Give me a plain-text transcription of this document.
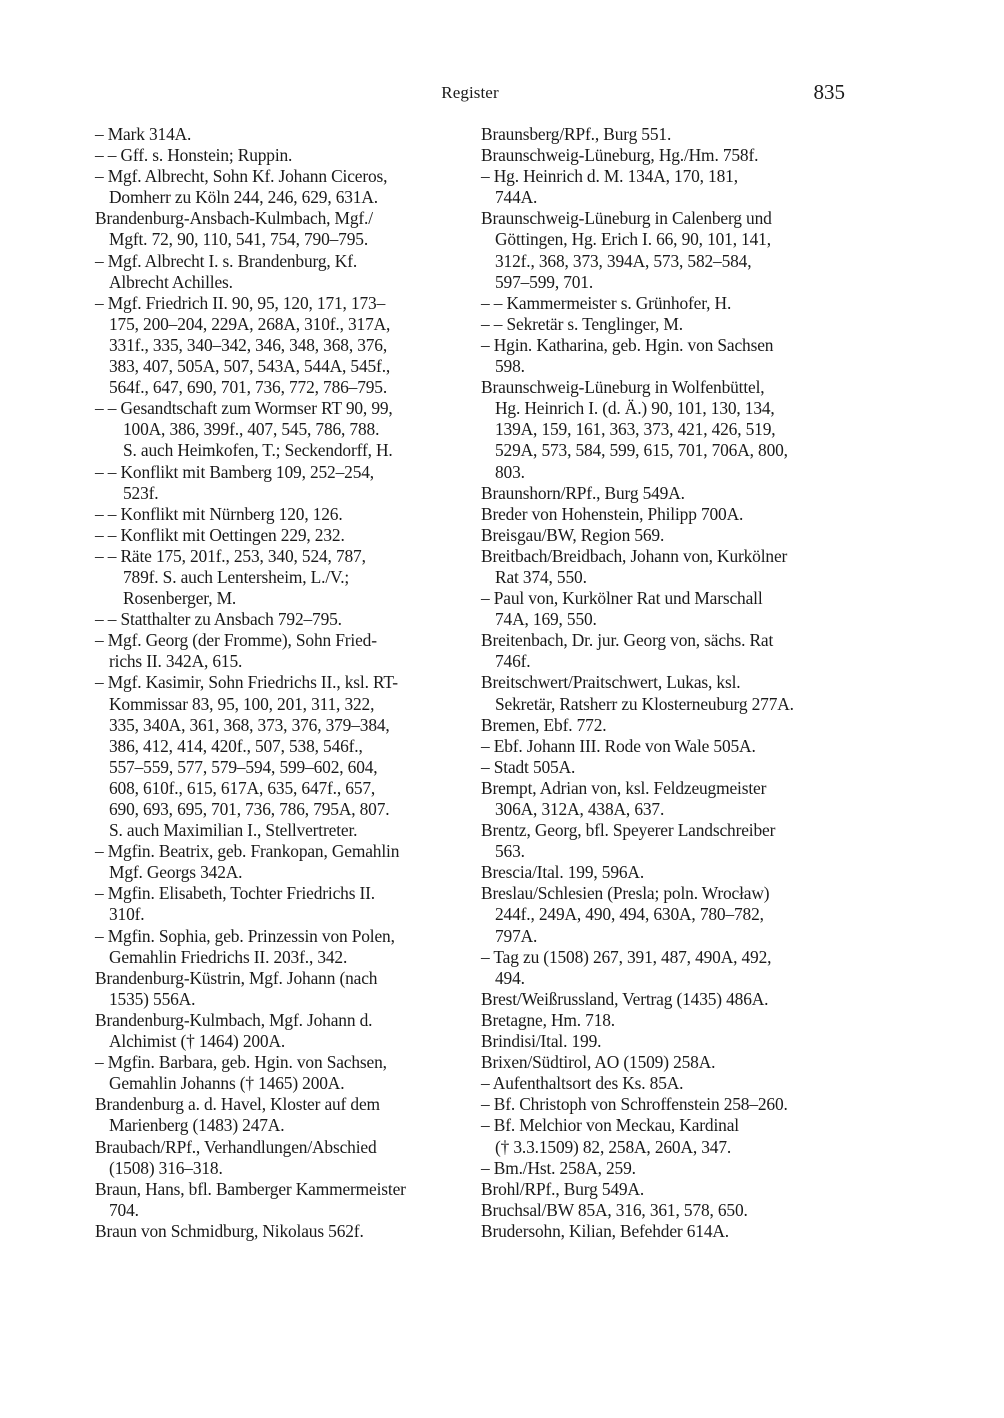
Register	835
– Mark 314A.
– – Gff. s. Honstein; Ruppin.
– Mgf. Albrecht, Sohn Kf. Johann Ciceros,
Domherr zu Köln 244, 246, 629, 631A.
Brandenburg-Ansbach-Kulmbach, Mgf./
Mgft. 72, 90, 110, 541, 754, 790–795.
– Mgf. Albrecht I. s. Brandenburg, Kf.
Albrecht Achilles.
– Mgf. Friedrich II. 90, 95, 120, 171, 173–
175, 200–204, 229A, 268A, 310f., 317A,
331f., 335, 340–342, 346, 348, 368, 376,
383, 407, 505A, 507, 543A, 544A, 545f.,
564f., 647, 690, 701, 736, 772, 786–795.
– – Gesandtschaft zum Wormser RT 90, 99,
100A, 386, 399f., 407, 545, 786, 788.
S. auch Heimkofen, T.; Seckendorff, H.
– – Konflikt mit Bamberg 109, 252–254,
523f.
– – Konflikt mit Nürnberg 120, 126.
– – Konflikt mit Oettingen 229, 232.
– – Räte 175, 201f., 253, 340, 524, 787,
789f. S. auch Lentersheim, L./V.;
Rosenberger, M.
– – Statthalter zu Ansbach 792–795.
– Mgf. Georg (der Fromme), Sohn Fried-
richs II. 342A, 615.
– Mgf. Kasimir, Sohn Friedrichs II., ksl. RT-
Kommissar 83, 95, 100, 201, 311, 322,
335, 340A, 361, 368, 373, 376, 379–384,
386, 412, 414, 420f., 507, 538, 546f.,
557–559, 577, 579–594, 599–602, 604,
608, 610f., 615, 617A, 635, 647f., 657,
690, 693, 695, 701, 736, 786, 795A, 807.
S. auch Maximilian I., Stellvertreter.
– Mgfin. Beatrix, geb. Frankopan, Gemahlin
Mgf. Georgs 342A.
– Mgfin. Elisabeth, Tochter Friedrichs II.
310f.
– Mgfin. Sophia, geb. Prinzessin von Polen,
Gemahlin Friedrichs II. 203f., 342.
Brandenburg-Küstrin, Mgf. Johann (nach
1535) 556A.
Brandenburg-Kulmbach, Mgf. Johann d.
Alchimist († 1464) 200A.
– Mgfin. Barbara, geb. Hgin. von Sachsen,
Gemahlin Johanns († 1465) 200A.
Brandenburg a. d. Havel, Kloster auf dem
Marienberg (1483) 247A.
Braubach/RPf., Verhandlungen/Abschied
(1508) 316–318.
Braun, Hans, bfl. Bamberger Kammermeister
704.
Braun von Schmidburg, Nikolaus 562f.
Braunsberg/RPf., Burg 551.
Braunschweig-Lüneburg, Hg./Hm. 758f.
– Hg. Heinrich d. M. 134A, 170, 181,
744A.
Braunschweig-Lüneburg in Calenberg und
Göttingen, Hg. Erich I. 66, 90, 101, 141,
312f., 368, 373, 394A, 573, 582–584,
597–599, 701.
– – Kammermeister s. Grünhofer, H.
– – Sekretär s. Tenglinger, M.
– Hgin. Katharina, geb. Hgin. von Sachsen
598.
Braunschweig-Lüneburg in Wolfenbüttel,
Hg. Heinrich I. (d. Ä.) 90, 101, 130, 134,
139A, 159, 161, 363, 373, 421, 426, 519,
529A, 573, 584, 599, 615, 701, 706A, 800,
803.
Braunshorn/RPf., Burg 549A.
Breder von Hohenstein, Philipp 700A.
Breisgau/BW, Region 569.
Breitbach/Breidbach, Johann von, Kurkölner
Rat 374, 550.
– Paul von, Kurkölner Rat und Marschall
74A, 169, 550.
Breitenbach, Dr. jur. Georg von, sächs. Rat
746f.
Breitschwert/Praitschwert, Lukas, ksl.
Sekretär, Ratsherr zu Klosterneuburg 277A.
Bremen, Ebf. 772.
– Ebf. Johann III. Rode von Wale 505A.
– Stadt 505A.
Brempt, Adrian von, ksl. Feldzeugmeister
306A, 312A, 438A, 637.
Brentz, Georg, bfl. Speyerer Landschreiber
563.
Brescia/Ital. 199, 596A.
Breslau/Schlesien (Presla; poln. Wrocław)
244f., 249A, 490, 494, 630A, 780–782,
797A.
– Tag zu (1508) 267, 391, 487, 490A, 492,
494.
Brest/Weißrussland, Vertrag (1435) 486A.
Bretagne, Hm. 718.
Brindisi/Ital. 199.
Brixen/Südtirol, AO (1509) 258A.
– Aufenthaltsort des Ks. 85A.
– Bf. Christoph von Schroffenstein 258–260.
– Bf. Melchior von Meckau, Kardinal
(† 3.3.1509) 82, 258A, 260A, 347.
– Bm./Hst. 258A, 259.
Brohl/RPf., Burg 549A.
Bruchsal/BW 85A, 316, 361, 578, 650.
Brudersohn, Kilian, Befehder 614A.
